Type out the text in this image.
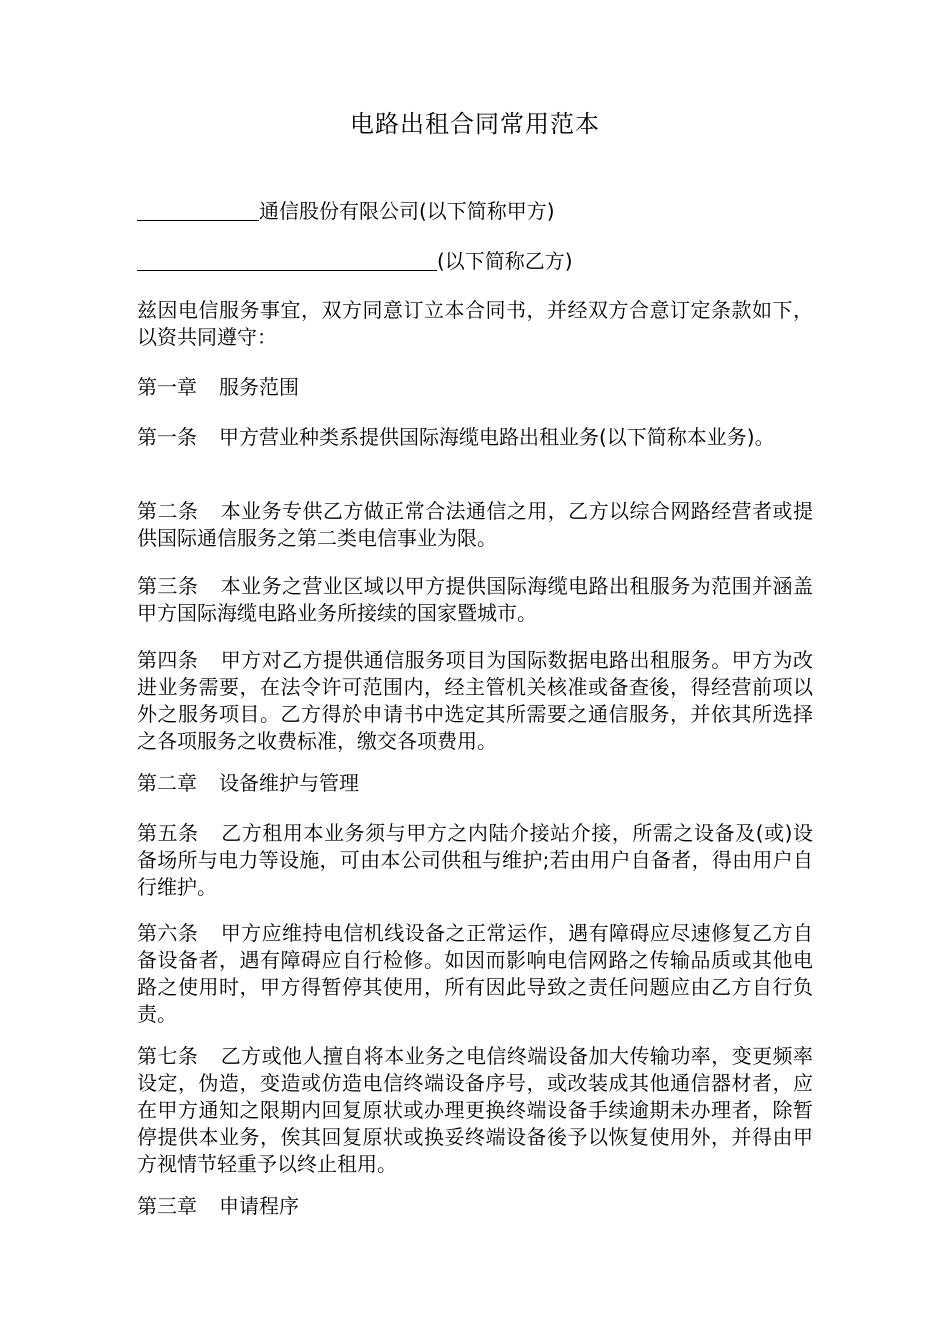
电路出租合同常用范本
通信股份有限公司(以下简称甲方)
(以下简称乙方)
兹因电信服务事宜，双方同意订立本合同书，并经双方合意订定条款如下，以资共同遵守：
第一章 服务范围
第一条 甲方营业种类系提供国际海缆电路出租业务(以下简称本业务)。
第二条 本业务专供乙方做正常合法通信之用，乙方以综合网路经营者或提供国际通信服务之第二类电信事业为限。
第三条 本业务之营业区域以甲方提供国际海缆电路出租服务为范围并涵盖甲方国际海缆电路业务所接续的国家暨城市。
第四条 甲方对乙方提供通信服务项目为国际数据电路出租服务。甲方为改进业务需要，在法令许可范围内，经主管机关核准或备查後，得经营前项以外之服务项目。乙方得於申请书中选定其所需要之通信服务，并依其所选择之各项服务之收费标准，缴交各项费用。
第二章 设备维护与管理
第五条 乙方租用本业务须与甲方之内陆介接站介接，所需之设备及(或)设备场所与电力等设施，可由本公司供租与维护;若由用户自备者，得由用户自行维护。
第六条 甲方应维持电信机线设备之正常运作，遇有障碍应尽速修复乙方自备设备者，遇有障碍应自行检修。如因而影响电信网路之传输品质或其他电路之使用时，甲方得暂停其使用，所有因此导致之责任问题应由乙方自行负责。
第七条 乙方或他人擅自将本业务之电信终端设备加大传输功率，变更频率设定，伪造，变造或仿造电信终端设备序号，或改装成其他通信器材者，应在甲方通知之限期内回复原状或办理更换终端设备手续逾期未办理者，除暂停提供本业务，俟其回复原状或换妥终端设备後予以恢复使用外，并得由甲方视情节轻重予以终止租用。
第三章 申请程序
